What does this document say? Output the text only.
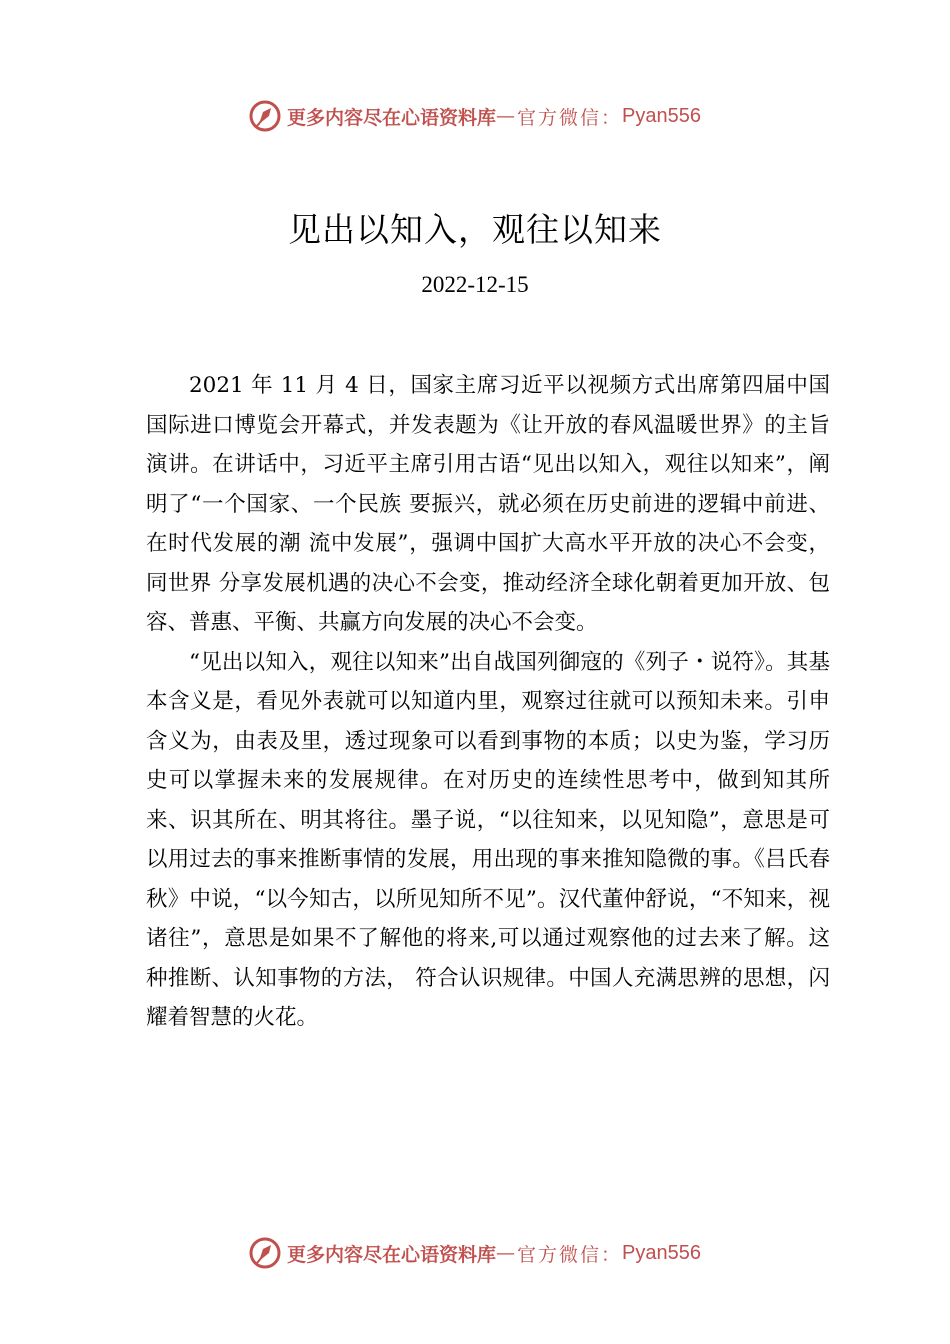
更多内容尽在心语资料库 — 官方微信： Pyan556
见出以知入，观往以知来
2022-12-15

2021 年 11 月 4 日，国家主席习近平以视频方式出席第四届中国国际进口博览会开幕式，并发表题为《让开放的春风温暖世界》的主旨演讲。在讲话中，习近平主席引用古语“见出以知入，观往以知来”，阐明了“一个国家、一个民族 要振兴，就必须在历史前进的逻辑中前进、在时代发展的潮 流中发展”，强调中国扩大高水平开放的决心不会变，同世界 分享发展机遇的决心不会变，推动经济全球化朝着更加开放、包容、普惠、平衡、共赢方向发展的决心不会变。

“见出以知入，观往以知来”出自战国列御寇的《列子・说符》。其基本含义是，看见外表就可以知道内里，观察过往就可以预知未来。引申含义为，由表及里，透过现象可以看到事物的本质；以史为鉴，学习历史可以掌握未来的发展规律。在对历史的连续性思考中，做到知其所来、识其所在、明其将往。墨子说，“以往知来，以见知隐”，意思是可以用过去的事来推断事情的发展，用出现的事来推知隐微的事。《吕氏春秋》中说，“以今知古，以所见知所不见”。汉代董仲舒说，“不知来，视诸往”，意思是如果不了解他的将来,可以通过观察他的过去来了解。这种推断、认知事物的方法， 符合认识规律。中国人充满思辨的思想，闪耀着智慧的火花。

更多内容尽在心语资料库 — 官方微信： Pyan556
